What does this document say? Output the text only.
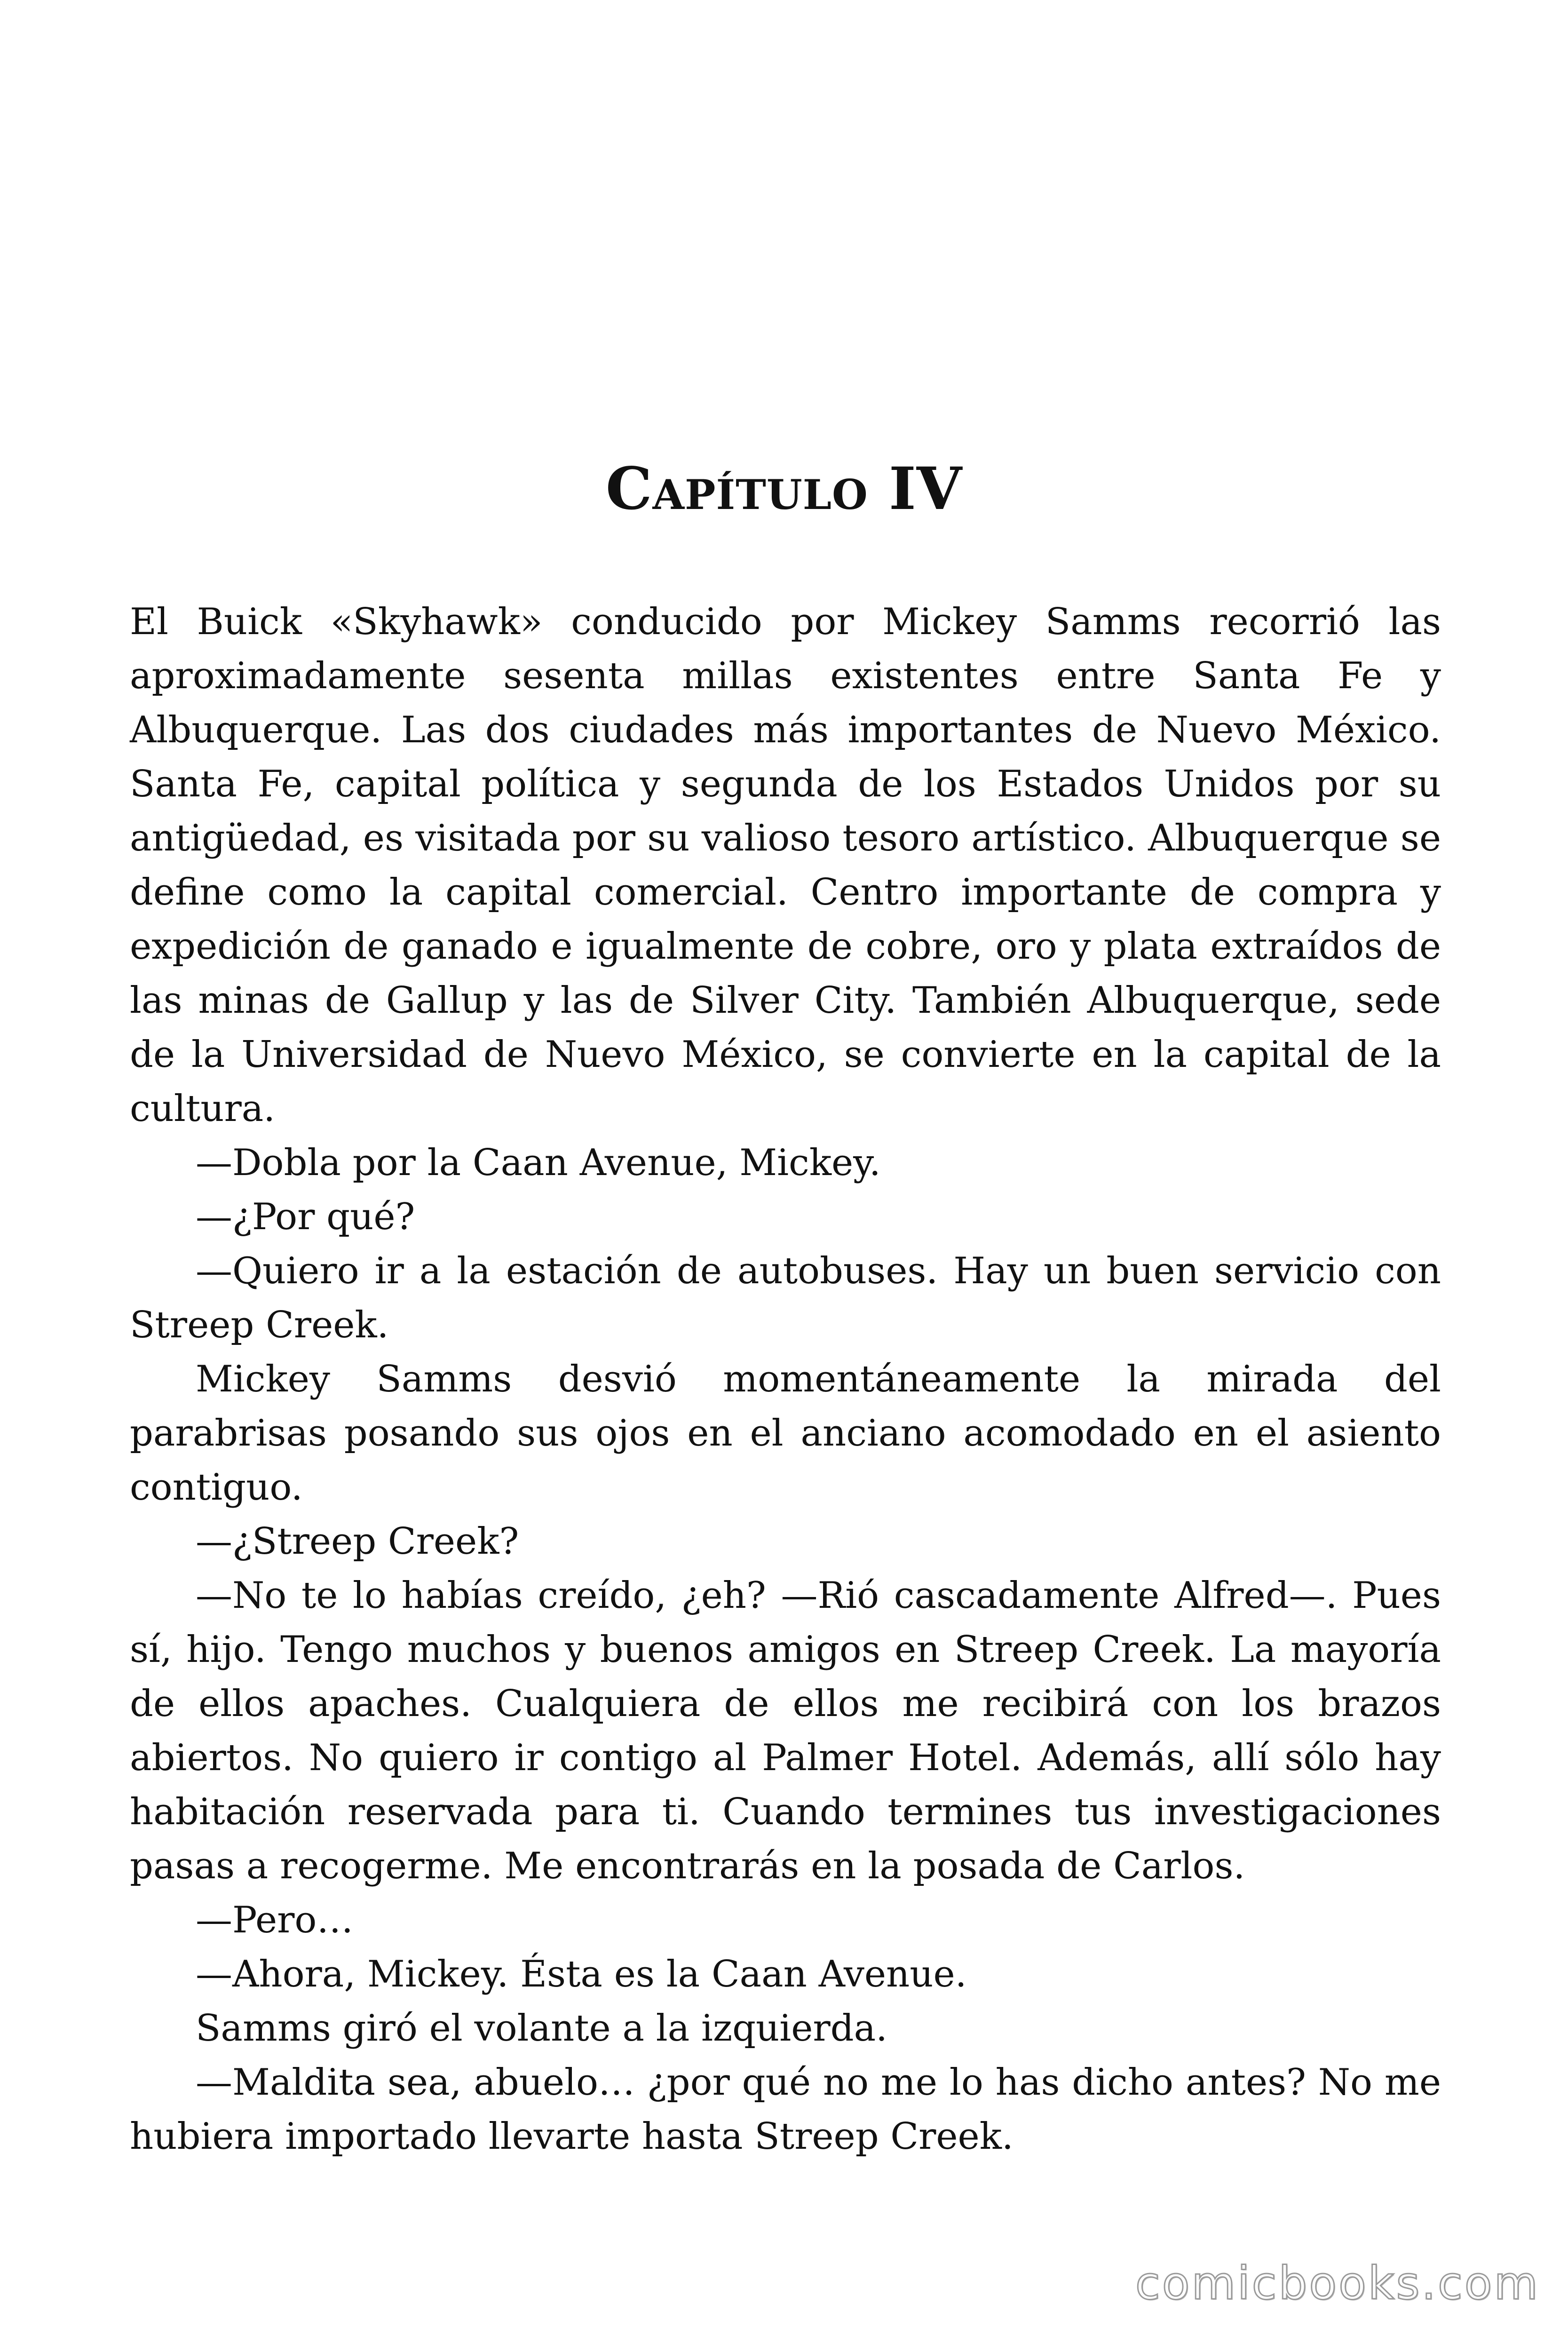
Capítulo IV

El Buick «Skyhawk» conducido por Mickey Samms recorrió las aproximadamente sesenta millas existentes entre Santa Fe y Albuquerque. Las dos ciudades más importantes de Nuevo México. Santa Fe, capital política y segunda de los Estados Unidos por su antigüedad, es visitada por su valioso tesoro artístico. Albuquerque se define como la capital comercial. Centro importante de compra y expedición de ganado e igualmente de cobre, oro y plata extraídos de las minas de Gallup y las de Silver City. También Albuquerque, sede de la Universidad de Nuevo México, se convierte en la capital de la cultura.

—Dobla por la Caan Avenue, Mickey.

—¿Por qué?

—Quiero ir a la estación de autobuses. Hay un buen servicio con Streep Creek.

Mickey Samms desvió momentáneamente la mirada del parabrisas posando sus ojos en el anciano acomodado en el asiento contiguo.

—¿Streep Creek?

—No te lo habías creído, ¿eh? —Rió cascadamente Alfred—. Pues sí, hijo. Tengo muchos y buenos amigos en Streep Creek. La mayoría de ellos apaches. Cualquiera de ellos me recibirá con los brazos abiertos. No quiero ir contigo al Palmer Hotel. Además, allí sólo hay habitación reservada para ti. Cuando termines tus investigaciones pasas a recogerme. Me encontrarás en la posada de Carlos.

—Pero…

—Ahora, Mickey. Ésta es la Caan Avenue.

Samms giró el volante a la izquierda.

—Maldita sea, abuelo… ¿por qué no me lo has dicho antes? No me hubiera importado llevarte hasta Streep Creek.

comicbooks.com
